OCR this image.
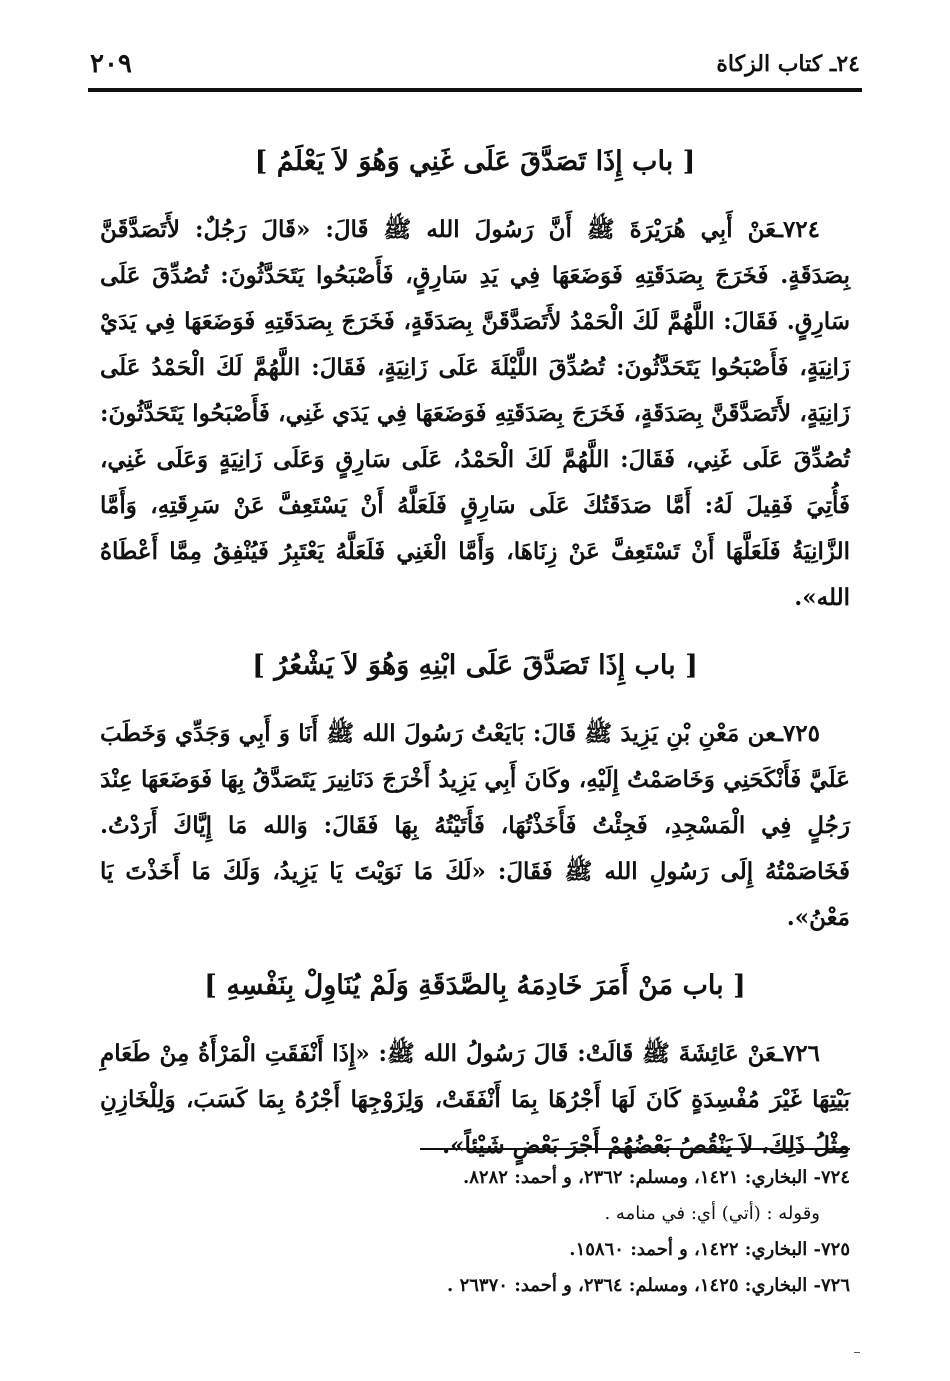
٢٤ـ كتاب الزكاة
٢٠٩
[ باب إِذَا تَصَدَّقَ عَلَى غَنِي وَهُوَ لاَ يَعْلَمُ ]

٧٢٤ـعَنْ أَبِي هُرَيْرَةَ ﷺ أَنَّ رَسُولَ الله ﷺ قَالَ: «قَالَ رَجُلٌ: لأَتَصَدَّقَنَّ بِصَدَقَةٍ. فَخَرَجَ بِصَدَقَتِهِ فَوَضَعَهَا فِي يَدِ سَارِقٍ، فَأَصْبَحُوا يَتَحَدَّثُونَ: تُصُدِّقَ عَلَى سَارِقٍ. فَقَالَ: اللَّهُمَّ لَكَ الْحَمْدُ لأَتَصَدَّقَنَّ بِصَدَقَةٍ، فَخَرَجَ بِصَدَقَتِهِ فَوَضَعَهَا فِي يَدَيْ زَانِيَةٍ، فَأَصْبَحُوا يَتَحَدَّثُونَ: تُصُدِّقَ اللَّيْلَةَ عَلَى زَانِيَةٍ، فَقَالَ: اللَّهُمَّ لَكَ الْحَمْدُ عَلَى زَانِيَةٍ، لأَتَصَدَّقَنَّ بِصَدَقَةٍ، فَخَرَجَ بِصَدَقَتِهِ فَوَضَعَهَا فِي يَدَي غَنِي، فَأَصْبَحُوا يَتَحَدَّثُونَ: تُصُدِّقَ عَلَى غَنِي، فَقَالَ: اللَّهُمَّ لَكَ الْحَمْدُ، عَلَى سَارِقٍ وَعَلَى زَانِيَةٍ وَعَلَى غَنِي، فَأُتِيَ فَقِيلَ لَهُ: أَمَّا صَدَقَتُكَ عَلَى سَارِقٍ فَلَعَلَّهُ أَنْ يَسْتَعِفَّ عَنْ سَرِقَتِهِ، وَأَمَّا الزَّانِيَةُ فَلَعَلَّهَا أَنْ تَسْتَعِفَّ عَنْ زِنَاهَا، وَأَمَّا الْغَنِي فَلَعَلَّهُ يَعْتَبِرُ فَيُنْفِقُ مِمَّا أَعْطَاهُ الله».

[ باب إِذَا تَصَدَّقَ عَلَى ابْنِهِ وَهُوَ لاَ يَشْعُرُ ]

٧٢٥ـعن مَعْنِ بْنِ يَزِيدَ ﷺ قَالَ: بَايَعْتُ رَسُولَ الله ﷺ أَنَا وَ أَبِي وَجَدِّي وَخَطَبَ عَلَيَّ فَأَنْكَحَنِي وَخَاصَمْتُ إِلَيْهِ، وكَانَ أَبِي يَزِيدُ أَخْرَجَ دَنَانِيرَ يَتَصَدَّقُ بِهَا فَوَضَعَهَا عِنْدَ رَجُلٍ فِي الْمَسْجِدِ، فَجِئْتُ فَأَخَذْتُهَا، فَأَتَيْتُهُ بِهَا فَقَالَ: وَالله مَا إِيَّاكَ أَرَدْتُ. فَخَاصَمْتُهُ إِلَى رَسُولِ الله ﷺ فَقَالَ: «لَكَ مَا نَوَيْتَ يَا يَزِيدُ، وَلَكَ مَا أَخَذْتَ يَا مَعْنُ».

[ باب مَنْ أَمَرَ خَادِمَهُ بِالصَّدَقَةِ وَلَمْ يُنَاوِلْ بِنَفْسِهِ ]

٧٢٦ـعَنْ عَائِشَةَ ﷺ قَالَتْ: قَالَ رَسُولُ الله ﷺ: «إِذَا أَنْفَقَتِ الْمَرْأَةُ مِنْ طَعَامِ بَيْتِهَا غَيْرَ مُفْسِدَةٍ كَانَ لَهَا أَجْرُهَا بِمَا أَنْفَقَتْ، وَلِزَوْجِهَا أَجْرُهُ بِمَا كَسَبَ، وَلِلْخَازِنِ مِثْلُ ذَلِكَ، لاَ يَنْقُصُ بَعْضُهُمْ أَجْرَ بَعْضٍ شَيْئاً».

٧٢٤- البخاري: ١٤٢١، ومسلم: ٢٣٦٢، و أحمد: ٨٢٨٢.

وقوله : (أتي) أي: في منامه .

٧٢٥- البخاري: ١٤٢٢، و أحمد: ١٥٨٦٠.

٧٢٦- البخاري: ١٤٢٥، ومسلم: ٢٣٦٤، و أحمد: ٢٦٣٧٠ .
